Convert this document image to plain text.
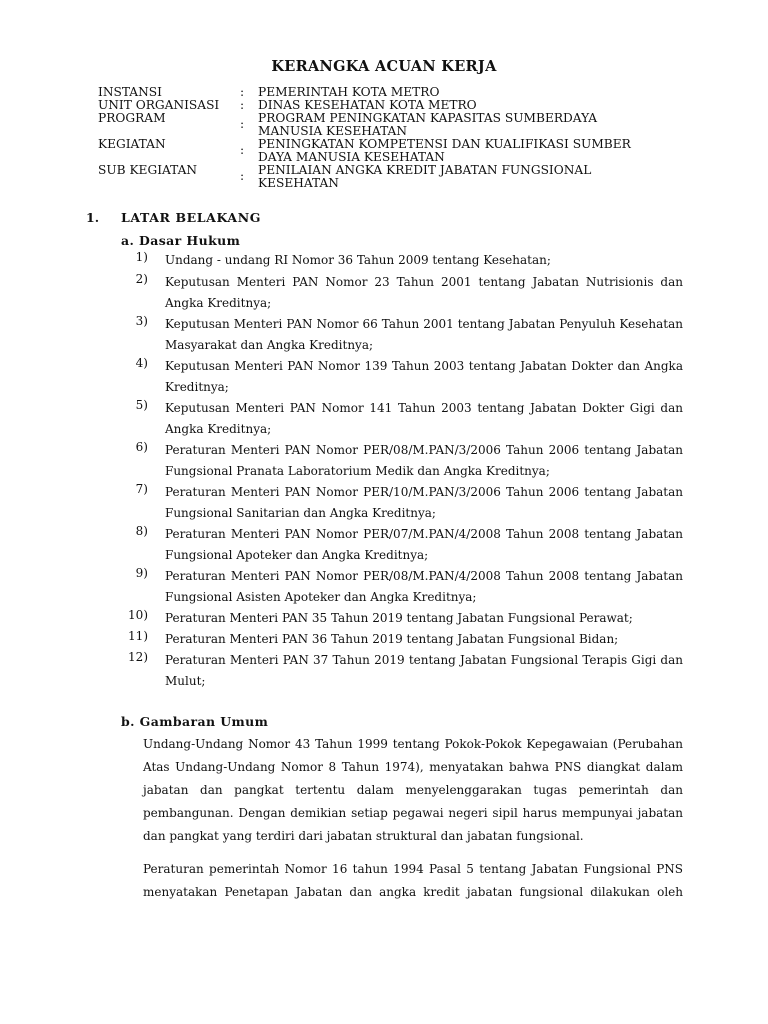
KERANGKA ACUAN KERJA
INSTANSI	: PEMERINTAH KOTA METRO
UNIT ORGANISASI : DINAS KESEHATAN KOTA METRO
PROGRAM	: PROGRAM PENINGKATAN KAPASITAS SUMBERDAYA
MANUSIA KESEHATAN
KEGIATAN	: PENINGKATAN KOMPETENSI DAN KUALIFIKASI SUMBER
DAYA MANUSIA KESEHATAN
SUB KEGIATAN	: PENILAIAN ANGKA KREDIT JABATAN FUNGSIONAL
KESEHATAN
1. LATAR BELAKANG
a. Dasar Hukum
1) Undang - undang RI Nomor 36 Tahun 2009 tentang Kesehatan;
2) Keputusan Menteri PAN Nomor 23 Tahun 2001 tentang Jabatan Nutrisionis dan
Angka Kreditnya;
3) Keputusan Menteri PAN Nomor 66 Tahun 2001 tentang Jabatan Penyuluh Kesehatan
Masyarakat dan Angka Kreditnya;
4) Keputusan Menteri PAN Nomor 139 Tahun 2003 tentang Jabatan Dokter dan Angka
Kreditnya;
5) Keputusan Menteri PAN Nomor 141 Tahun 2003 tentang Jabatan Dokter Gigi dan
Angka Kreditnya;
6) Peraturan Menteri PAN Nomor PER/08/M.PAN/3/2006 Tahun 2006 tentang Jabatan
Fungsional Pranata Laboratorium Medik dan Angka Kreditnya;
7) Peraturan Menteri PAN Nomor PER/10/M.PAN/3/2006 Tahun 2006 tentang Jabatan
Fungsional Sanitarian dan Angka Kreditnya;
8) Peraturan Menteri PAN Nomor PER/07/M.PAN/4/2008 Tahun 2008 tentang Jabatan
Fungsional Apoteker dan Angka Kreditnya;
9) Peraturan Menteri PAN Nomor PER/08/M.PAN/4/2008 Tahun 2008 tentang Jabatan
Fungsional Asisten Apoteker dan Angka Kreditnya;
10) Peraturan Menteri PAN 35 Tahun 2019 tentang Jabatan Fungsional Perawat;
11) Peraturan Menteri PAN 36 Tahun 2019 tentang Jabatan Fungsional Bidan;
12) Peraturan Menteri PAN 37 Tahun 2019 tentang Jabatan Fungsional Terapis Gigi dan
Mulut;
b. Gambaran Umum
Undang-Undang Nomor 43 Tahun 1999 tentang Pokok-Pokok Kepegawaian (Perubahan
Atas Undang-Undang Nomor 8 Tahun 1974), menyatakan bahwa PNS diangkat dalam
jabatan dan pangkat tertentu dalam menyelenggarakan tugas pemerintah dan
pembangunan. Dengan demikian setiap pegawai negeri sipil harus mempunyai jabatan
dan pangkat yang terdiri dari jabatan struktural dan jabatan fungsional.
Peraturan pemerintah Nomor 16 tahun 1994 Pasal 5 tentang Jabatan Fungsional PNS
menyatakan Penetapan Jabatan dan angka kredit jabatan fungsional dilakukan oleh
